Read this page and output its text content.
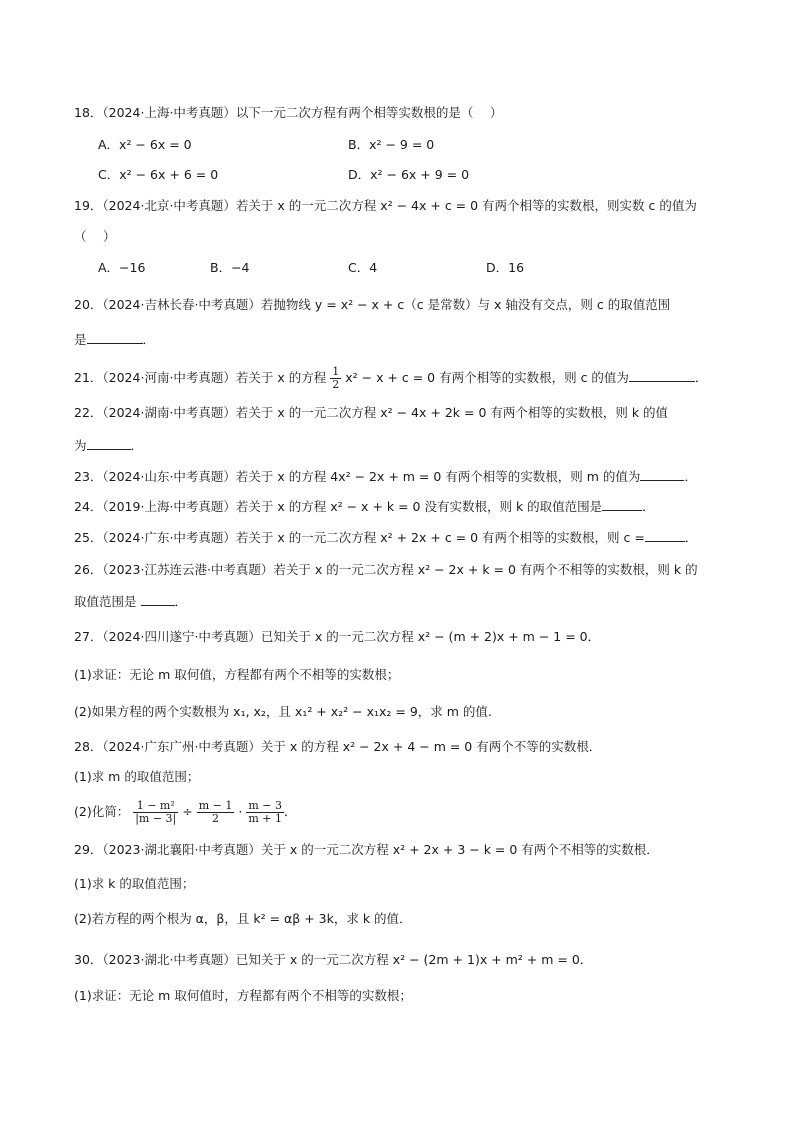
18．（2024·上海·中考真题）以下一元二次方程有两个相等实数根的是（　 ）
A．x² − 6x = 0	B．x² − 9 = 0
C．x² − 6x + 6 = 0	D．x² − 6x + 9 = 0
19．（2024·北京·中考真题）若关于 x 的一元二次方程 x² − 4x + c = 0 有两个相等的实数根，则实数 c 的值为
（　 ）
A．−16	B．−4	C．4	D．16
20．（2024·吉林长春·中考真题）若抛物线 y = x² − x + c（c 是常数）与 x 轴没有交点，则 c 的取值范围
是	．
21．（2024·河南·中考真题）若关于 x 的方程 $\frac{1}{2} x^2 - x + c = 0$ 有两个相等的实数根，则 c 的值为	．
22．（2024·湖南·中考真题）若关于 x 的一元二次方程 x² − 4x + 2k = 0 有两个相等的实数根，则 k 的值
为	．
23．（2024·山东·中考真题）若关于 x 的方程 4x² − 2x + m = 0 有两个相等的实数根，则 m 的值为	．
24．（2019·上海·中考真题）若关于 x 的方程 x² − x + k = 0 没有实数根，则 k 的取值范围是	．
25．（2024·广东·中考真题）若关于 x 的一元二次方程 x² + 2x + c = 0 有两个相等的实数根，则 c =	．
26．（2023·江苏连云港·中考真题）若关于 x 的一元二次方程 x² − 2x + k = 0 有两个不相等的实数根，则 k 的
取值范围是	．
27．（2024·四川遂宁·中考真题）已知关于 x 的一元二次方程 x² − (m + 2)x + m − 1 = 0．
(1)求证：无论 m 取何值，方程都有两个不相等的实数根；
(2)如果方程的两个实数根为 x₁, x₂，且 x₁² + x₂² − x₁x₂ = 9，求 m 的值.
28．（2024·广东广州·中考真题）关于 x 的方程 x² − 2x + 4 − m = 0 有两个不等的实数根．
(1)求 m 的取值范围；
(2)化简： $\frac{\text{1 − m²}}{|m - 3|} \div \frac{m - 1}{2} \cdot \frac{m - 3}{m + 1}$ ．
29．（2023·湖北襄阳·中考真题）关于 x 的一元二次方程 x² + 2x + 3 − k = 0 有两个不相等的实数根．
(1)求 k 的取值范围；
(2)若方程的两个根为 α，β，且 k² = αβ + 3k，求 k 的值．
30．（2023·湖北·中考真题）已知关于 x 的一元二次方程 x² − (2m + 1)x + m² + m = 0．
(1)求证：无论 m 取何值时，方程都有两个不相等的实数根；
